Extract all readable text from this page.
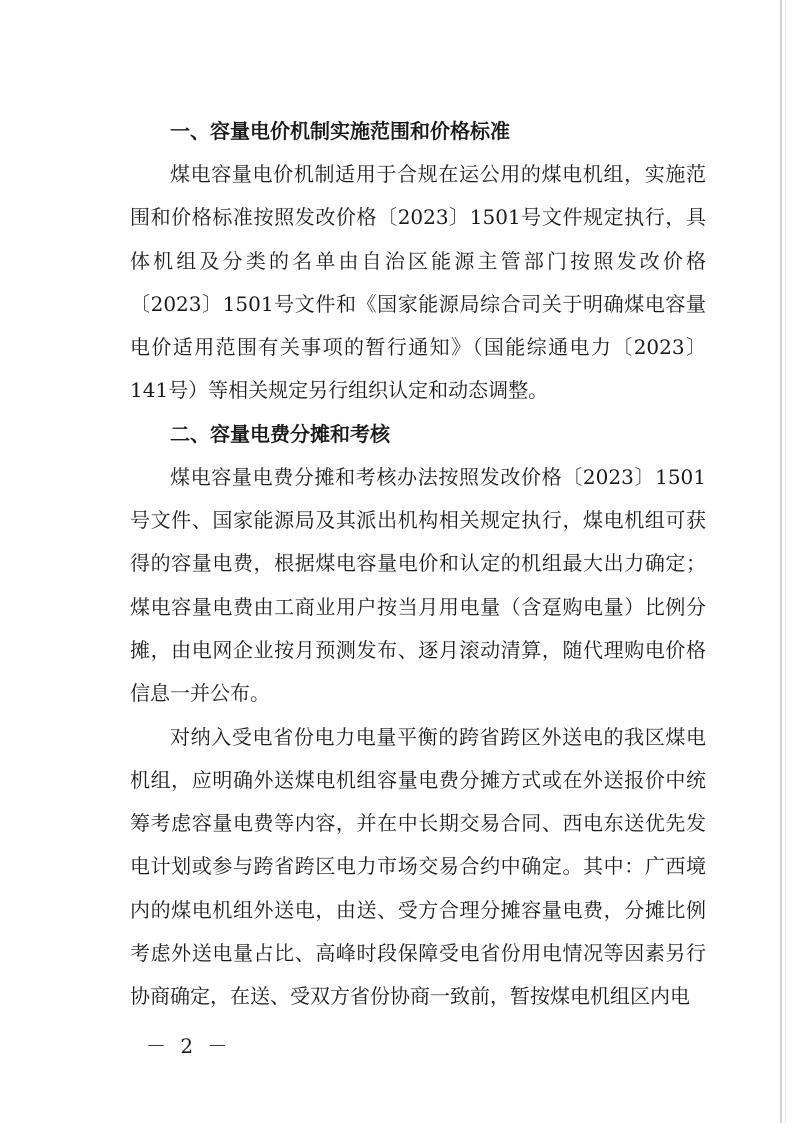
一、容量电价机制实施范围和价格标准

煤电容量电价机制适用于合规在运公用的煤电机组，实施范围和价格标准按照发改价格〔2023〕1501号文件规定执行，具体机组及分类的名单由自治区能源主管部门按照发改价格〔2023〕1501号文件和《国家能源局综合司关于明确煤电容量电价适用范围有关事项的暂行通知》（国能综通电力〔2023〕141号）等相关规定另行组织认定和动态调整。

二、容量电费分摊和考核

煤电容量电费分摊和考核办法按照发改价格〔2023〕1501号文件、国家能源局及其派出机构相关规定执行，煤电机组可获得的容量电费，根据煤电容量电价和认定的机组最大出力确定；煤电容量电费由工商业用户按当月用电量（含趸购电量）比例分摊，由电网企业按月预测发布、逐月滚动清算，随代理购电价格信息一并公布。

对纳入受电省份电力电量平衡的跨省跨区外送电的我区煤电机组，应明确外送煤电机组容量电费分摊方式或在外送报价中统筹考虑容量电费等内容，并在中长期交易合同、西电东送优先发电计划或参与跨省跨区电力市场交易合约中确定。其中：广西境内的煤电机组外送电，由送、受方合理分摊容量电费，分摊比例考虑外送电量占比、高峰时段保障受电省份用电情况等因素另行协商确定，在送、受双方省份协商一致前，暂按煤电机组区内电

－ 2 －
